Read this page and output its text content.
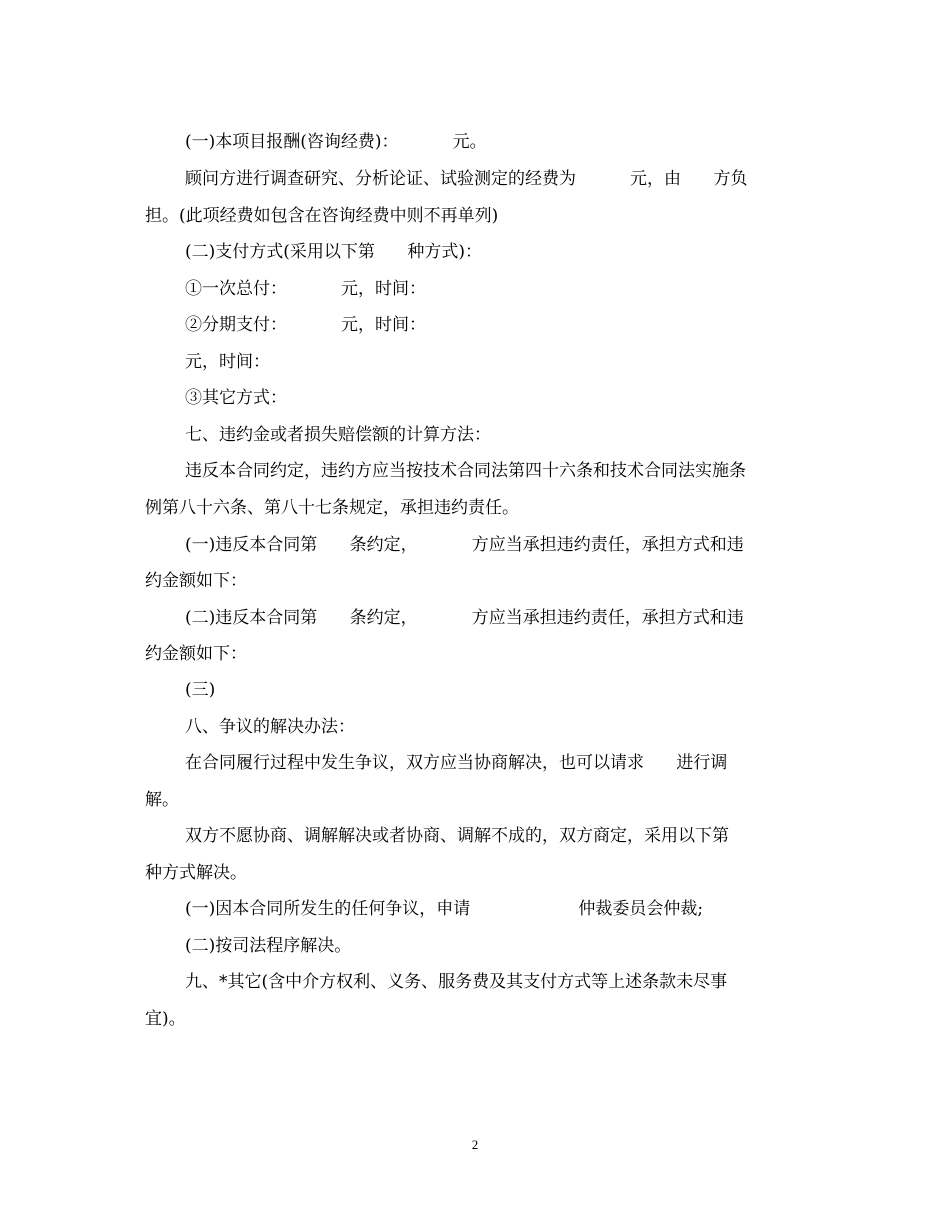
(一)本项目报酬(咨询经费)：          元。
顾问方进行调查研究、分析论证、试验测定的经费为          元，由      方负
担。(此项经费如包含在咨询经费中则不再单列)
(二)支付方式(采用以下第      种方式)：
①一次总付：          元，时间：
②分期支付：          元，时间：
元，时间：
③其它方式：
七、违约金或者损失赔偿额的计算方法：
违反本合同约定，违约方应当按技术合同法第四十六条和技术合同法实施条
例第八十六条、第八十七条规定，承担违约责任。
(一)违反本合同第      条约定，          方应当承担违约责任，承担方式和违
约金额如下：
(二)违反本合同第      条约定，          方应当承担违约责任，承担方式和违
约金额如下：
(三)
八、争议的解决办法：
在合同履行过程中发生争议，双方应当协商解决，也可以请求      进行调
解。
双方不愿协商、调解解决或者协商、调解不成的，双方商定，采用以下第
种方式解决。
(一)因本合同所发生的任何争议，申请                    仲裁委员会仲裁;
(二)按司法程序解决。
九、*其它(含中介方权利、义务、服务费及其支付方式等上述条款未尽事
宜)。
2
